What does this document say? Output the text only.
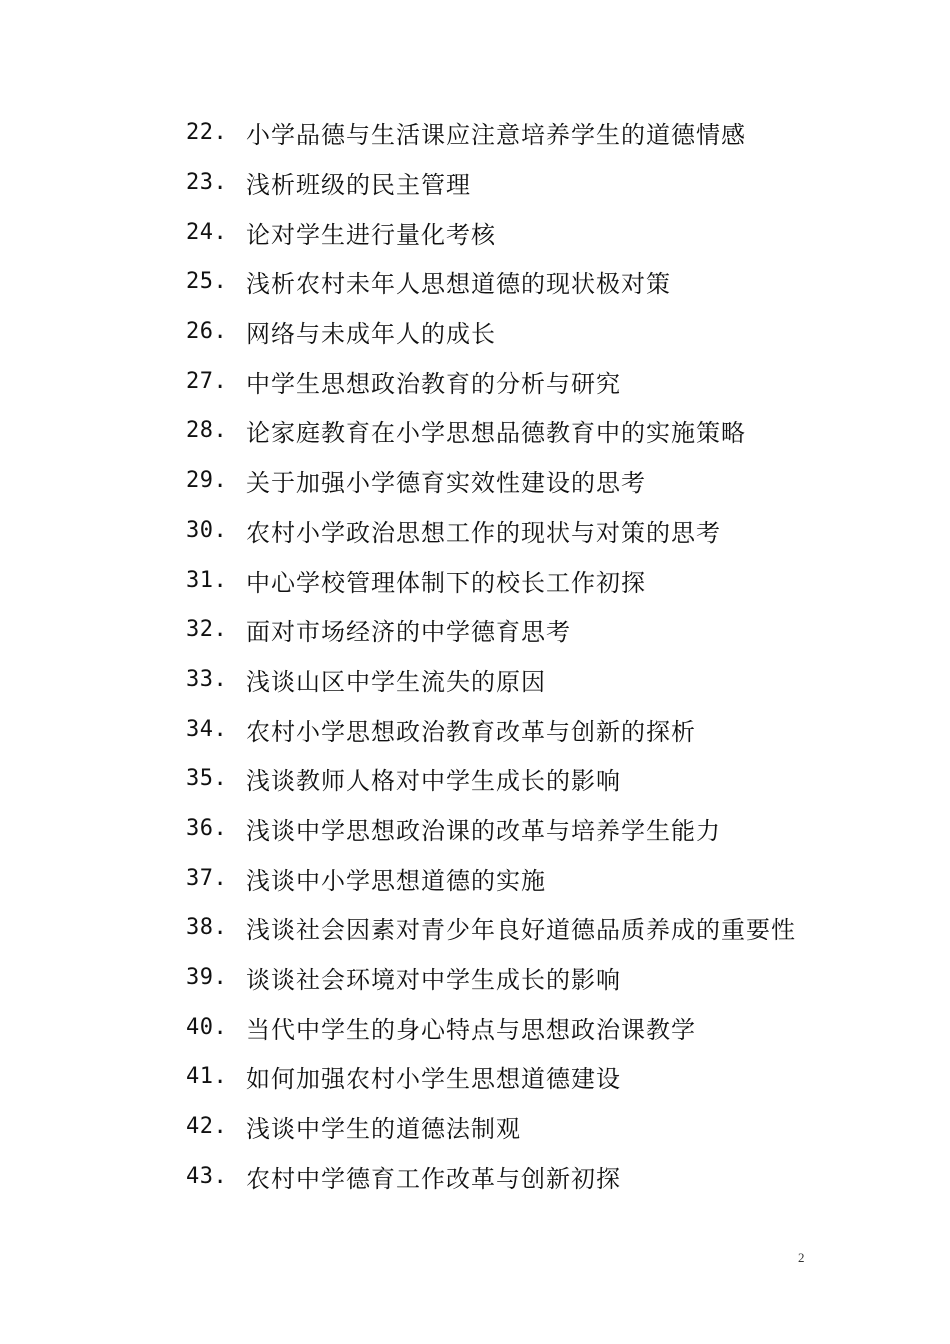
22. 小学品德与生活课应注意培养学生的道德情感
23. 浅析班级的民主管理
24. 论对学生进行量化考核
25. 浅析农村未年人思想道德的现状极对策
26. 网络与未成年人的成长
27. 中学生思想政治教育的分析与研究
28. 论家庭教育在小学思想品德教育中的实施策略
29. 关于加强小学德育实效性建设的思考
30. 农村小学政治思想工作的现状与对策的思考
31. 中心学校管理体制下的校长工作初探
32. 面对市场经济的中学德育思考
33. 浅谈山区中学生流失的原因
34. 农村小学思想政治教育改革与创新的探析
35. 浅谈教师人格对中学生成长的影响
36. 浅谈中学思想政治课的改革与培养学生能力
37. 浅谈中小学思想道德的实施
38. 浅谈社会因素对青少年良好道德品质养成的重要性
39. 谈谈社会环境对中学生成长的影响
40. 当代中学生的身心特点与思想政治课教学
41. 如何加强农村小学生思想道德建设
42. 浅谈中学生的道德法制观
43. 农村中学德育工作改革与创新初探
2
